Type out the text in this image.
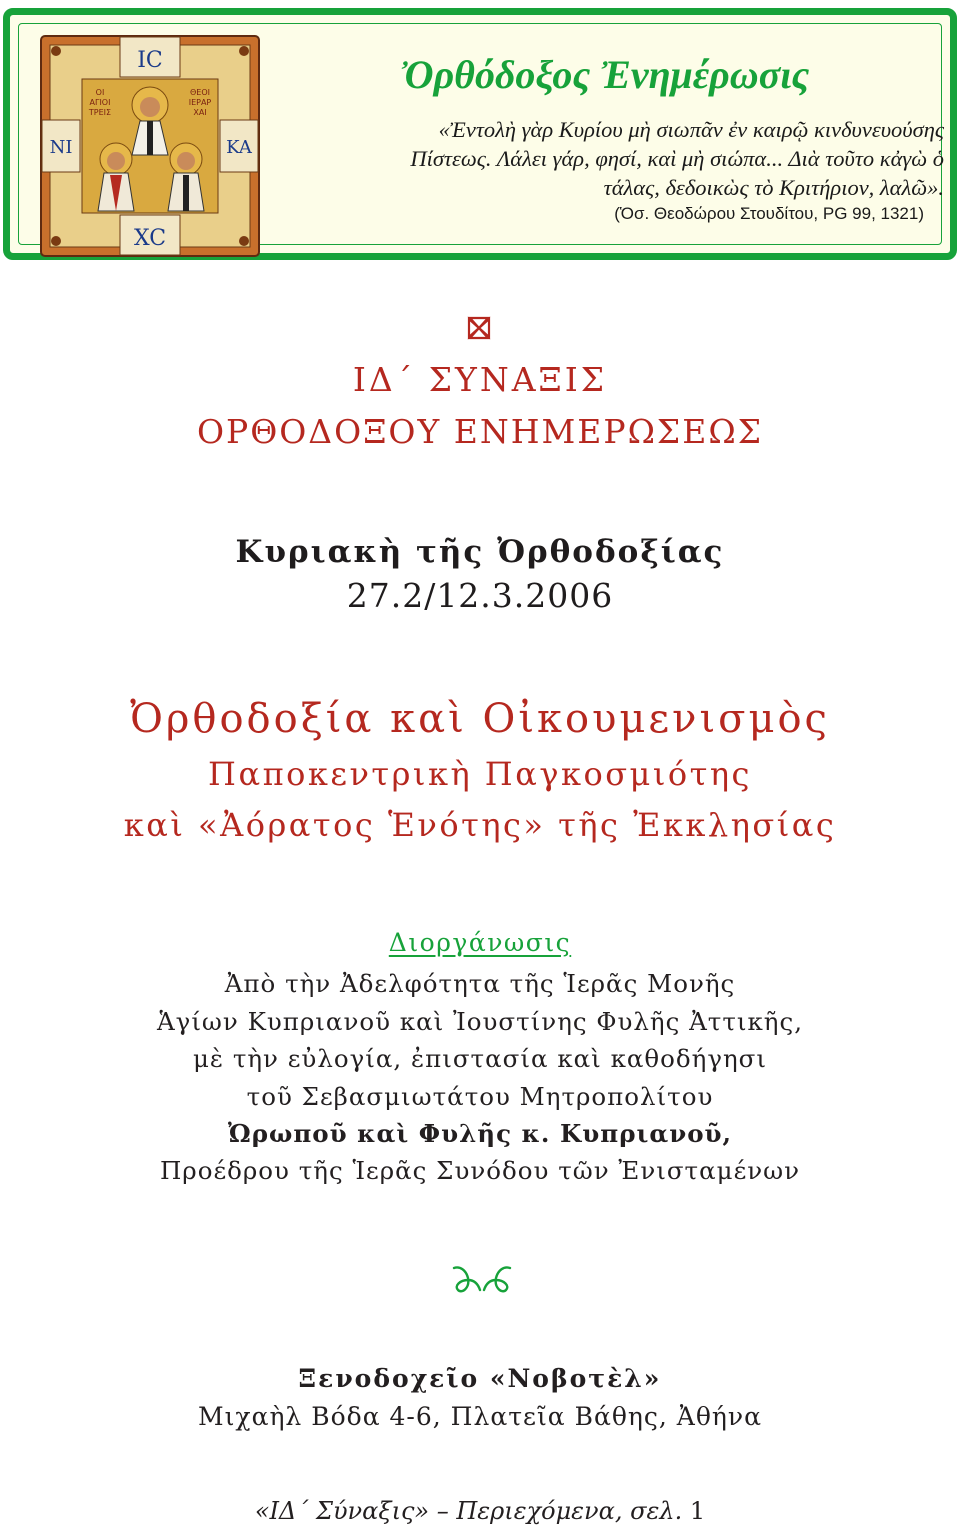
IC
XC
NI	KA
ΟΙ
ΑΓΙΟΙ
ΤΡΕΙΣ
ΘΕΟΙ
ΙΕΡΑΡ
ΧΑΙ
Ὀρθόδοξος Ἐνημέρωσις

«Ἐντολὴ γὰρ Κυρίου μὴ σιωπᾶν ἐν καιρῷ κινδυνευούσης
Πίστεως. Λάλει γάρ, φησί, καὶ μὴ σιώπα... Διὰ τοῦτο κἀγὼ ὁ
τάλας, δεδοικὼς τὸ Κριτήριον, λαλῶ».

(Ὁσ. Θεοδώρου Στουδίτου, PG 99, 1321)

ΙΔ΄ ΣΥΝΑΞΙΣ

ΟΡΘΟΔΟΞΟΥ ΕΝΗΜΕΡΩΣΕΩΣ

Κυριακὴ τῆς Ὀρθοδοξίας

27.2/12.3.2006

Ὀρθοδοξία καὶ Οἰκουμενισμὸς

Παποκεντρικὴ Παγκοσμιότης

καὶ «Ἀόρατος Ἑνότης» τῆς Ἐκκλησίας

Διοργάνωσις

Ἀπὸ τὴν Ἀδελφότητα τῆς Ἱερᾶς Μονῆς

Ἁγίων Κυπριανοῦ καὶ Ἰουστίνης Φυλῆς Ἀττικῆς,

μὲ τὴν εὐλογία, ἐπιστασία καὶ καθοδήγησι

τοῦ Σεβασμιωτάτου Μητροπολίτου

Ὠρωποῦ καὶ Φυλῆς κ. Κυπριανοῦ,

Προέδρου τῆς Ἱερᾶς Συνόδου τῶν Ἐνισταμένων

Ξενοδοχεῖο «Νοβοτὲλ»

Μιχαὴλ Βόδα 4-6, Πλατεῖα Βάθης, Ἀθήνα

«ΙΔ΄ Σύναξις» – Περιεχόμενα, σελ. 1
